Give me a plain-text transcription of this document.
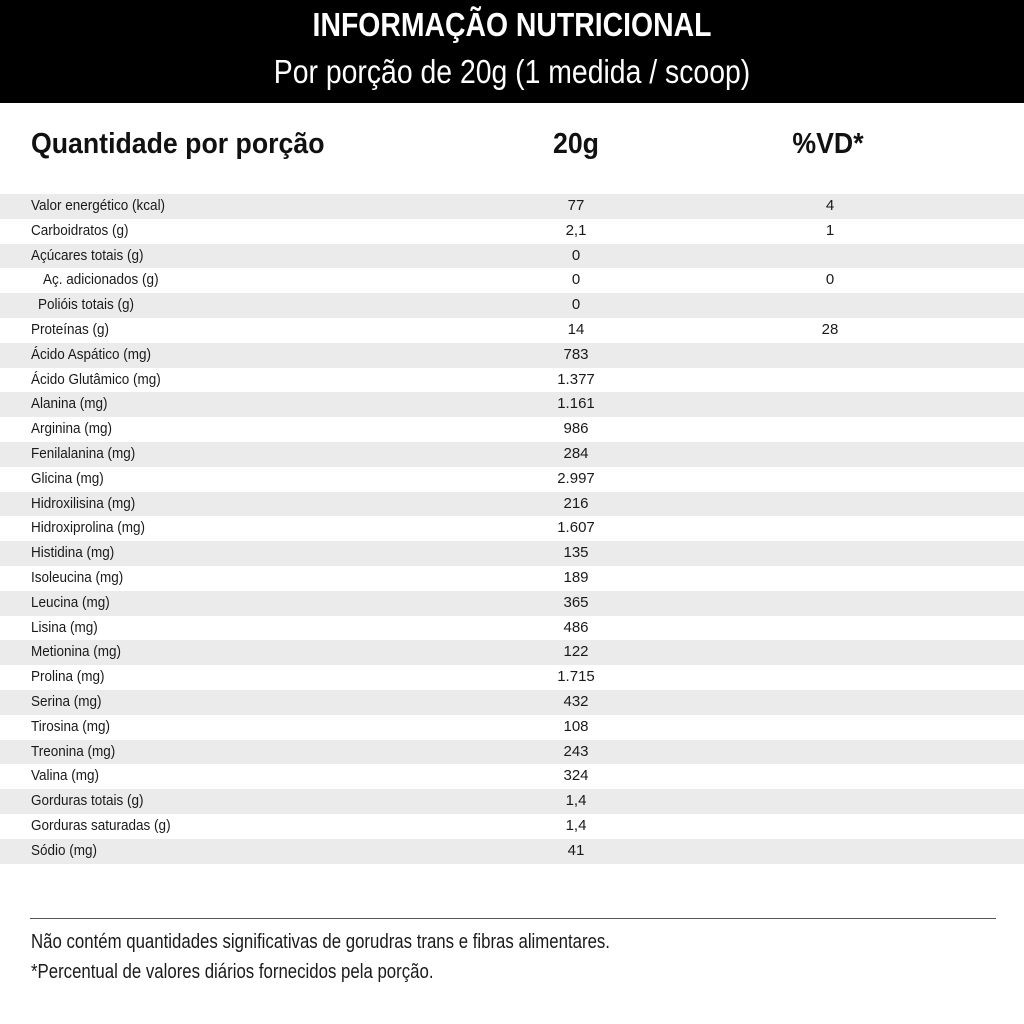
INFORMAÇÃO NUTRICIONAL
Por porção de 20g (1 medida / scoop)
Quantidade por porção	20g	%VD*
Valor energético (kcal)	77	4
Carboidratos (g)	2,1	1
Açúcares totais (g)	0
Aç. adicionados (g)	0	0
Polióis totais (g)	0
Proteínas (g)	14	28
Ácido Aspático (mg)	783
Ácido Glutâmico (mg)	1.377
Alanina (mg)	1.161
Arginina (mg)	986
Fenilalanina (mg)	284
Glicina (mg)	2.997
Hidroxilisina (mg)	216
Hidroxiprolina (mg)	1.607
Histidina (mg)	135
Isoleucina (mg)	189
Leucina (mg)	365
Lisina (mg)	486
Metionina (mg)	122
Prolina (mg)	1.715
Serina (mg)	432
Tirosina (mg)	108
Treonina (mg)	243
Valina (mg)	324
Gorduras totais (g)	1,4
Gorduras saturadas (g)	1,4
Sódio (mg)	41
Não contém quantidades significativas de gorudras trans e fibras alimentares.
*Percentual de valores diários fornecidos pela porção.
